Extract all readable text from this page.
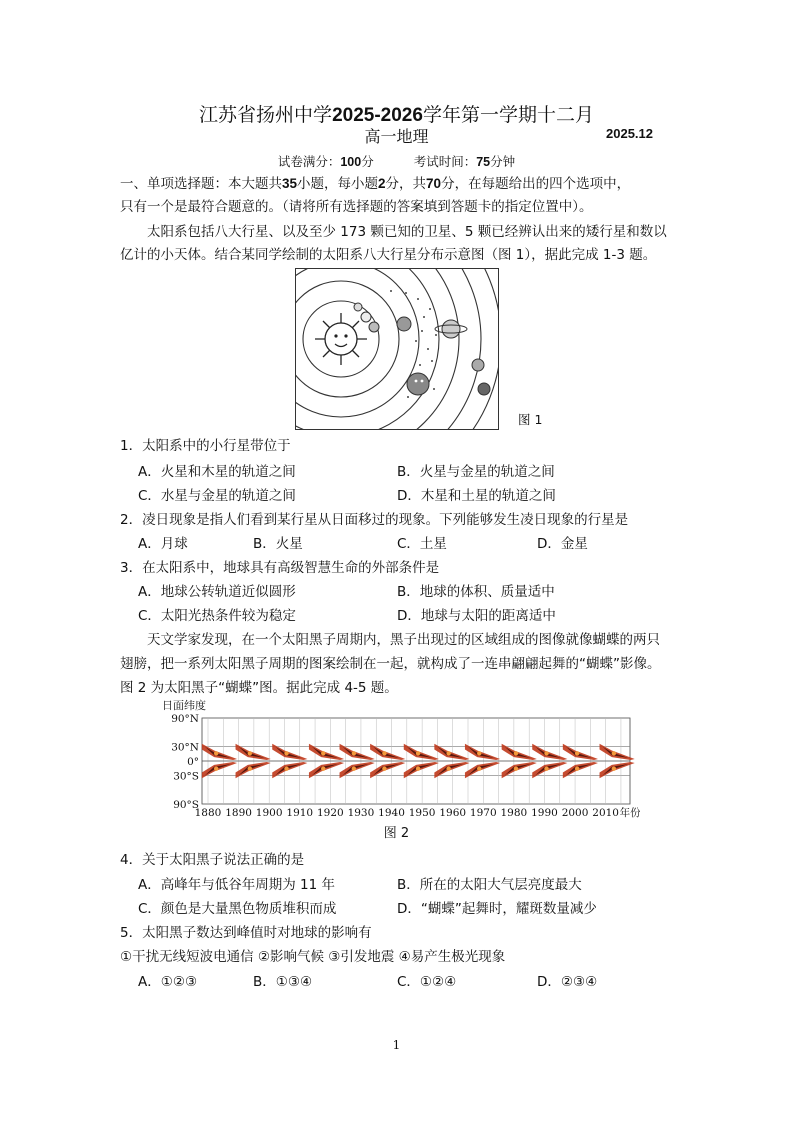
江苏省扬州中学2025-2026学年第一学期十二月
高一地理	2025.12
试卷满分：100分	考试时间：75分钟
一、单项选择题：本大题共35小题，每小题2分，共70分，在每题给出的四个选项中，
只有一个是最符合题意的。（请将所有选择题的答案填到答题卡的指定位置中）。
太阳系包括八大行星、以及至少 173 颗已知的卫星、5 颗已经辨认出来的矮行星和数以
亿计的小天体。结合某同学绘制的太阳系八大行星分布示意图（图 1），据此完成 1-3 题。
图 1
1．太阳系中的小行星带位于
A．火星和木星的轨道之间	B．火星与金星的轨道之间
C．水星与金星的轨道之间	D．木星和土星的轨道之间
2．凌日现象是指人们看到某行星从日面移过的现象。下列能够发生凌日现象的行星是
A．月球	B．火星	C．土星	D．金星
3．在太阳系中，地球具有高级智慧生命的外部条件是
A．地球公转轨道近似圆形	B．地球的体积、质量适中
C．太阳光热条件较为稳定	D．地球与太阳的距离适中
天文学家发现，在一个太阳黑子周期内，黑子出现过的区域组成的图像就像蝴蝶的两只
翅膀，把一系列太阳黑子周期的图案绘制在一起，就构成了一连串翩翩起舞的“蝴蝶”影像。
图 2 为太阳黑子“蝴蝶”图。据此完成 4-5 题。
日面纬度
90°N
30°N
0°
30°S
90°S
1880 1890 1900 1910 1920 1930 1940 1950 1960 1970 1980 1990 2000 2010 年份
图 2
4．关于太阳黑子说法正确的是
A．高峰年与低谷年周期为 11 年	B．所在的太阳大气层亮度最大
C．颜色是大量黑色物质堆积而成	D．“蝴蝶”起舞时，耀斑数量减少
5．太阳黑子数达到峰值时对地球的影响有
①干扰无线短波电通信 ②影响气候 ③引发地震 ④易产生极光现象
A．①②③	B．①③④	C．①②④	D．②③④
1
